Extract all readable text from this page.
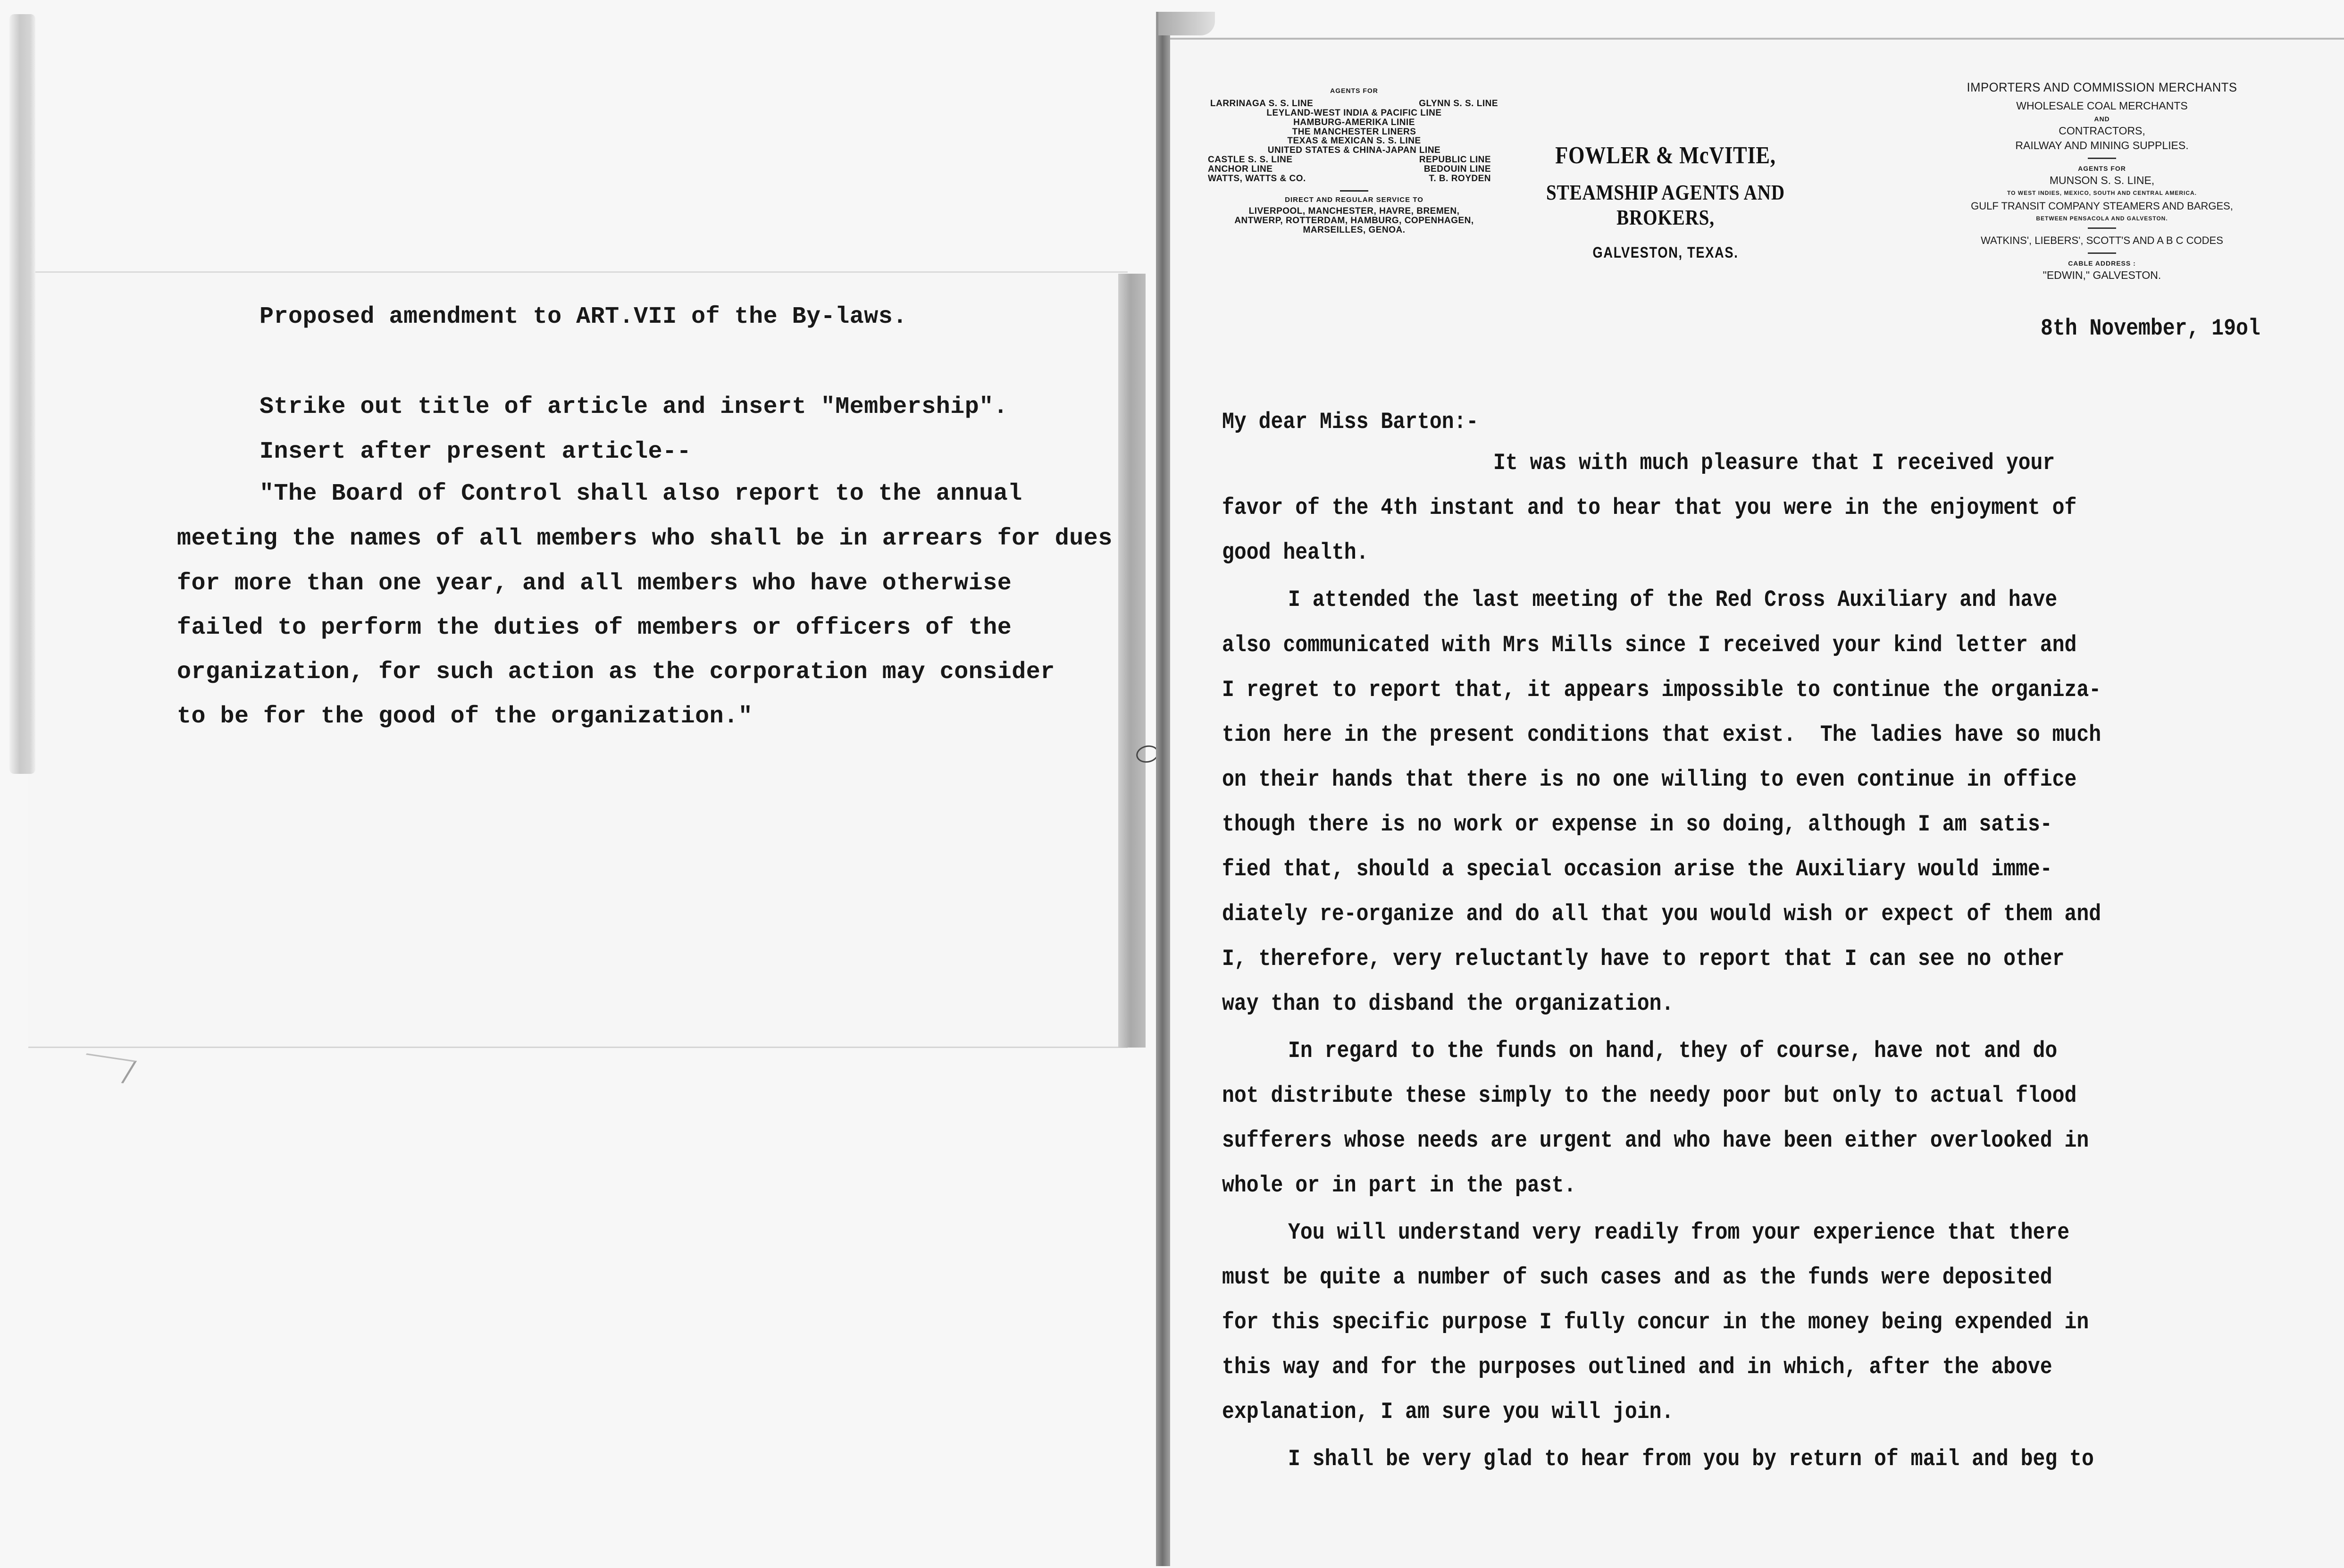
Proposed amendment to ART.VII of the By-laws.
Strike out title of article and insert "Membership".
Insert after present article--
"The Board of Control shall also report to the annual
meeting the names of all members who shall be in arrears for dues
for more than one year, and all members who have otherwise
failed to perform the duties of members or officers of the
organization, for such action as the corporation may consider
to be for the good of the organization."
AGENTS FOR
LARRINAGA S. S. LINE	GLYNN S. S. LINE
LEYLAND-WEST INDIA & PACIFIC LINE
HAMBURG-AMERIKA LINIE
THE MANCHESTER LINERS
TEXAS & MEXICAN S. S. LINE
UNITED STATES & CHINA-JAPAN LINE
CASTLE S. S. LINE	REPUBLIC LINE
ANCHOR LINE	BEDOUIN LINE
WATTS, WATTS & CO.	T. B. ROYDEN
DIRECT AND REGULAR SERVICE TO
LIVERPOOL, MANCHESTER, HAVRE, BREMEN,
ANTWERP, ROTTERDAM, HAMBURG, COPENHAGEN,
MARSEILLES, GENOA.
FOWLER & McVITIE,
STEAMSHIP AGENTS AND BROKERS,
GALVESTON, TEXAS.
IMPORTERS AND COMMISSION MERCHANTS
WHOLESALE COAL MERCHANTS
AND
CONTRACTORS,
RAILWAY AND MINING SUPPLIES.
AGENTS FOR
MUNSON S. S. LINE,
TO WEST INDIES, MEXICO, SOUTH AND CENTRAL AMERICA.
GULF TRANSIT COMPANY STEAMERS AND BARGES,
BETWEEN PENSACOLA AND GALVESTON.
WATKINS', LIEBERS', SCOTT'S AND A B C CODES
CABLE ADDRESS :
"EDWIN," GALVESTON.
8th November, 19ol
My dear Miss Barton:-
It was with much pleasure that I received your
favor of the 4th instant and to hear that you were in the enjoyment of
good health.
I attended the last meeting of the Red Cross Auxiliary and have
also communicated with Mrs Mills since I received your kind letter and
I regret to report that, it appears impossible to continue the organiza-
tion here in the present conditions that exist.  The ladies have so much
on their hands that there is no one willing to even continue in office
though there is no work or expense in so doing, although I am satis-
fied that, should a special occasion arise the Auxiliary would imme-
diately re-organize and do all that you would wish or expect of them and
I, therefore, very reluctantly have to report that I can see no other
way than to disband the organization.
In regard to the funds on hand, they of course, have not and do
not distribute these simply to the needy poor but only to actual flood
sufferers whose needs are urgent and who have been either overlooked in
whole or in part in the past.
You will understand very readily from your experience that there
must be quite a number of such cases and as the funds were deposited
for this specific purpose I fully concur in the money being expended in
this way and for the purposes outlined and in which, after the above
explanation, I am sure you will join.
I shall be very glad to hear from you by return of mail and beg to
